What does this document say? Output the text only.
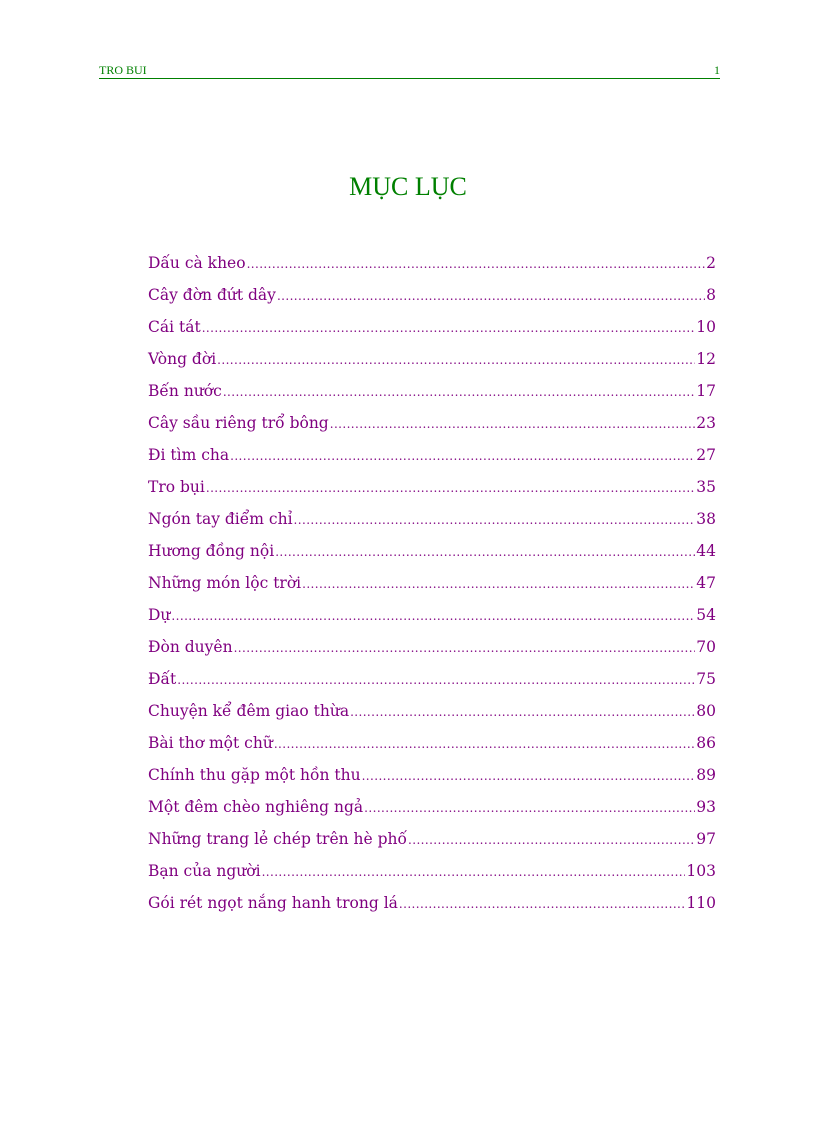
TRO BUI	1
MỤC LỤC
Dấu cà kheo .....	2
Cây đờn đứt dây .....	8
Cái tát .....	10
Vòng đời .....	12
Bến nước .....	17
Cây sầu riêng trổ bông .....	23
Đi tìm cha .....	27
Tro bụi .....	35
Ngón tay điểm chỉ .....	38
Hương đồng nội .....	44
Những món lộc trời .....	47
Dự .....	54
Đòn duyên .....	70
Đất .....	75
Chuyện kể đêm giao thừa .....	80
Bài thơ một chữ .....	86
Chính thu gặp một hồn thu .....	89
Một đêm chèo nghiêng ngả .....	93
Những trang lẻ chép trên hè phố .....	97
Bạn của người .....	103
Gói rét ngọt nắng hanh trong lá .....	110
